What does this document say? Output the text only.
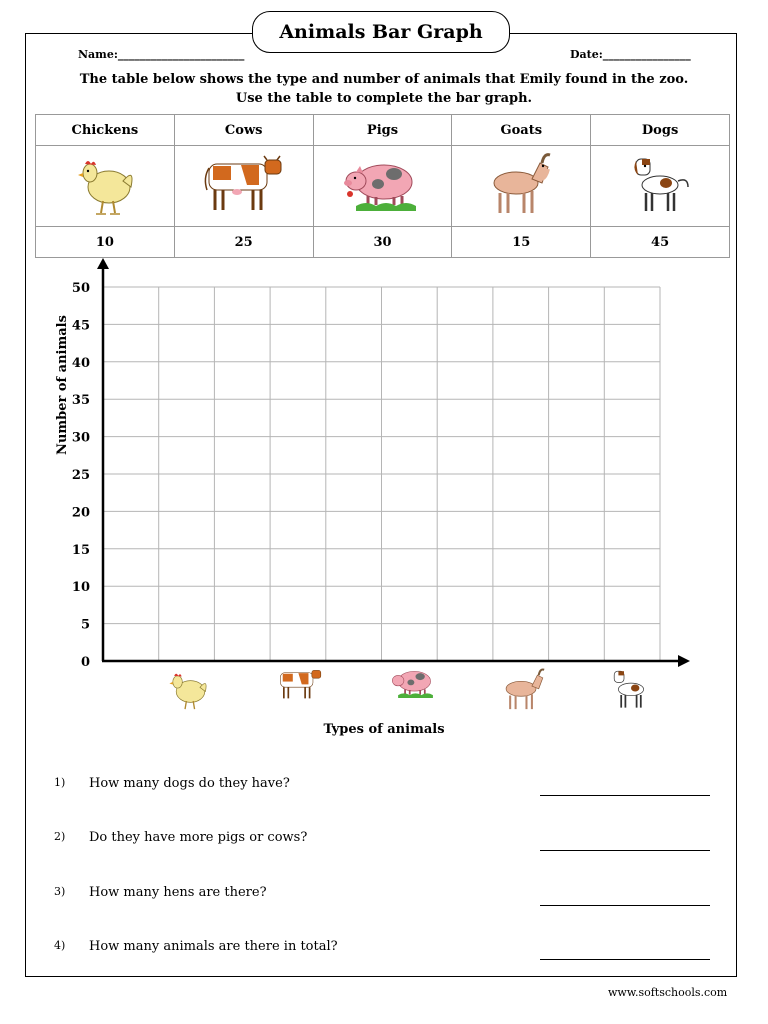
Animals Bar Graph
Name:_______________________	Date:________________
The table below shows the type and number of animals that Emily found in the zoo.
Use the table to complete the bar graph.
Chickens	Cows	Pigs	Goats	Dogs

10	25	30	15	45
0
5
10
15
20
25
30
35
40
45
50
Number of animals
Types of animals
1) How many dogs do they have?
2) Do they have more pigs or cows?
3) How many hens are there?
4) How many animals are there in total?
www.softschools.com
